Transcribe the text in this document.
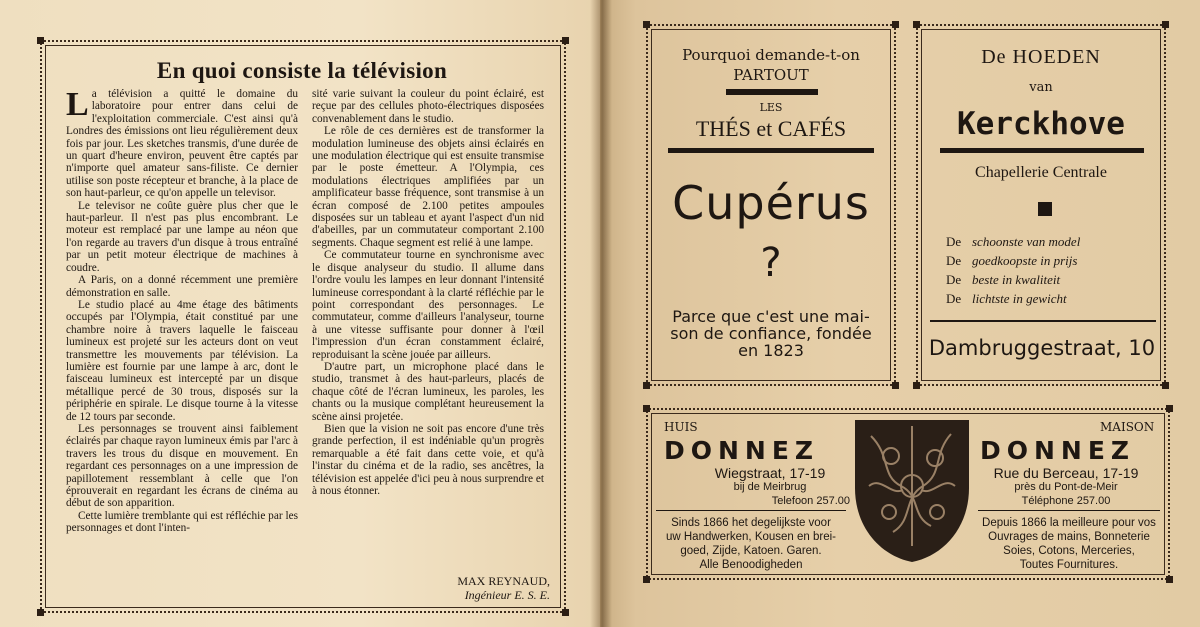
En quoi consiste la télévision

La télévision a quitté le domaine du laboratoire pour entrer dans celui de l'exploitation commerciale. C'est ainsi qu'à Londres des émissions ont lieu régulièrement deux fois par jour. Les sketches transmis, d'une durée de un quart d'heure environ, peuvent être captés par n'importe quel amateur sans-filiste. Ce dernier utilise son poste récepteur et branche, à la place de son haut-parleur, ce qu'on appelle un televisor.

Le televisor ne coûte guère plus cher que le haut-parleur. Il n'est pas plus encombrant. Le moteur est remplacé par une lampe au néon que l'on regarde au travers d'un disque à trous entraîné par un petit moteur électrique de machines à coudre.

A Paris, on a donné récemment une première démonstration en salle.

Le studio placé au 4me étage des bâtiments occupés par l'Olympia, était constitué par une chambre noire à travers laquelle le faisceau lumineux est projeté sur les acteurs dont on veut transmettre les mouvements par télévision. La lumière est fournie par une lampe à arc, dont le faisceau lumineux est intercepté par un disque métallique percé de 30 trous, disposés sur la périphérie en spirale. Le disque tourne à la vitesse de 12 tours par seconde.

Les personnages se trouvent ainsi faiblement éclairés par chaque rayon lumineux émis par l'arc à travers les trous du disque en mouvement. En regardant ces personnages on a une impression de papillotement ressemblant à celle que l'on éprouverait en regardant les écrans de cinéma au début de son apparition.

Cette lumière tremblante qui est réfléchie par les personnages et dont l'inten-

sité varie suivant la couleur du point éclairé, est reçue par des cellules photo-électriques disposées convenablement dans le studio.

Le rôle de ces dernières est de transformer la modulation lumineuse des objets ainsi éclairés en une modulation électrique qui est ensuite transmise par le poste émetteur. A l'Olympia, ces modulations électriques amplifiées par un amplificateur basse fréquence, sont transmise à un écran composé de 2.100 petites ampoules disposées sur un tableau et ayant l'aspect d'un nid d'abeilles, par un commutateur comportant 2.100 segments. Chaque segment est relié à une lampe.

Ce commutateur tourne en synchronisme avec le disque analyseur du studio. Il allume dans l'ordre voulu les lampes en leur donnant l'intensité lumineuse correspondant à la clarté réfléchie par le point correspondant des personnages. Le commutateur, comme d'ailleurs l'analyseur, tourne à une vitesse suffisante pour donner à l'œil l'impression d'un écran constamment éclairé, reproduisant la scène jouée par ailleurs.

D'autre part, un microphone placé dans le studio, transmet à des haut-parleurs, placés de chaque côté de l'écran lumineux, les paroles, les chants ou la musique complétant heureusement la scène ainsi projetée.

Bien que la vision ne soit pas encore d'une très grande perfection, il est indéniable qu'un progrès remarquable a été fait dans cette voie, et qu'à l'instar du cinéma et de la radio, ses ancêtres, la télévision est appelée d'ici peu à nous surprendre et à nous étonner.

MAX REYNAUD,
Ingénieur E. S. E.
Pourquoi demande-t-on
PARTOUT
LES
THÉS et CAFÉS
Cupérus
?
Parce que c'est une mai-
son de confiance, fondée
en 1823
De HOEDEN
van
Kerckhove
Chapellerie Centrale
De schoonste van model
De goedkoopste in prijs
De beste in kwaliteit
De lichtste in gewicht
Dambruggestraat, 10
HUIS
DONNEZ
Wiegstraat, 17-19
bij de Meirbrug
Telefoon 257.00
Sinds 1866 het degelijkste voor
uw Handwerken, Kousen en brei-
goed, Zijde, Katoen. Garen.
Alle Benoodigheden
MAISON
DONNEZ
Rue du Berceau, 17-19
près du Pont-de-Meir
Téléphone 257.00
Depuis 1866 la meilleure pour vos
Ouvrages de mains, Bonneterie
Soies, Cotons, Merceries,
Toutes Fournitures.
